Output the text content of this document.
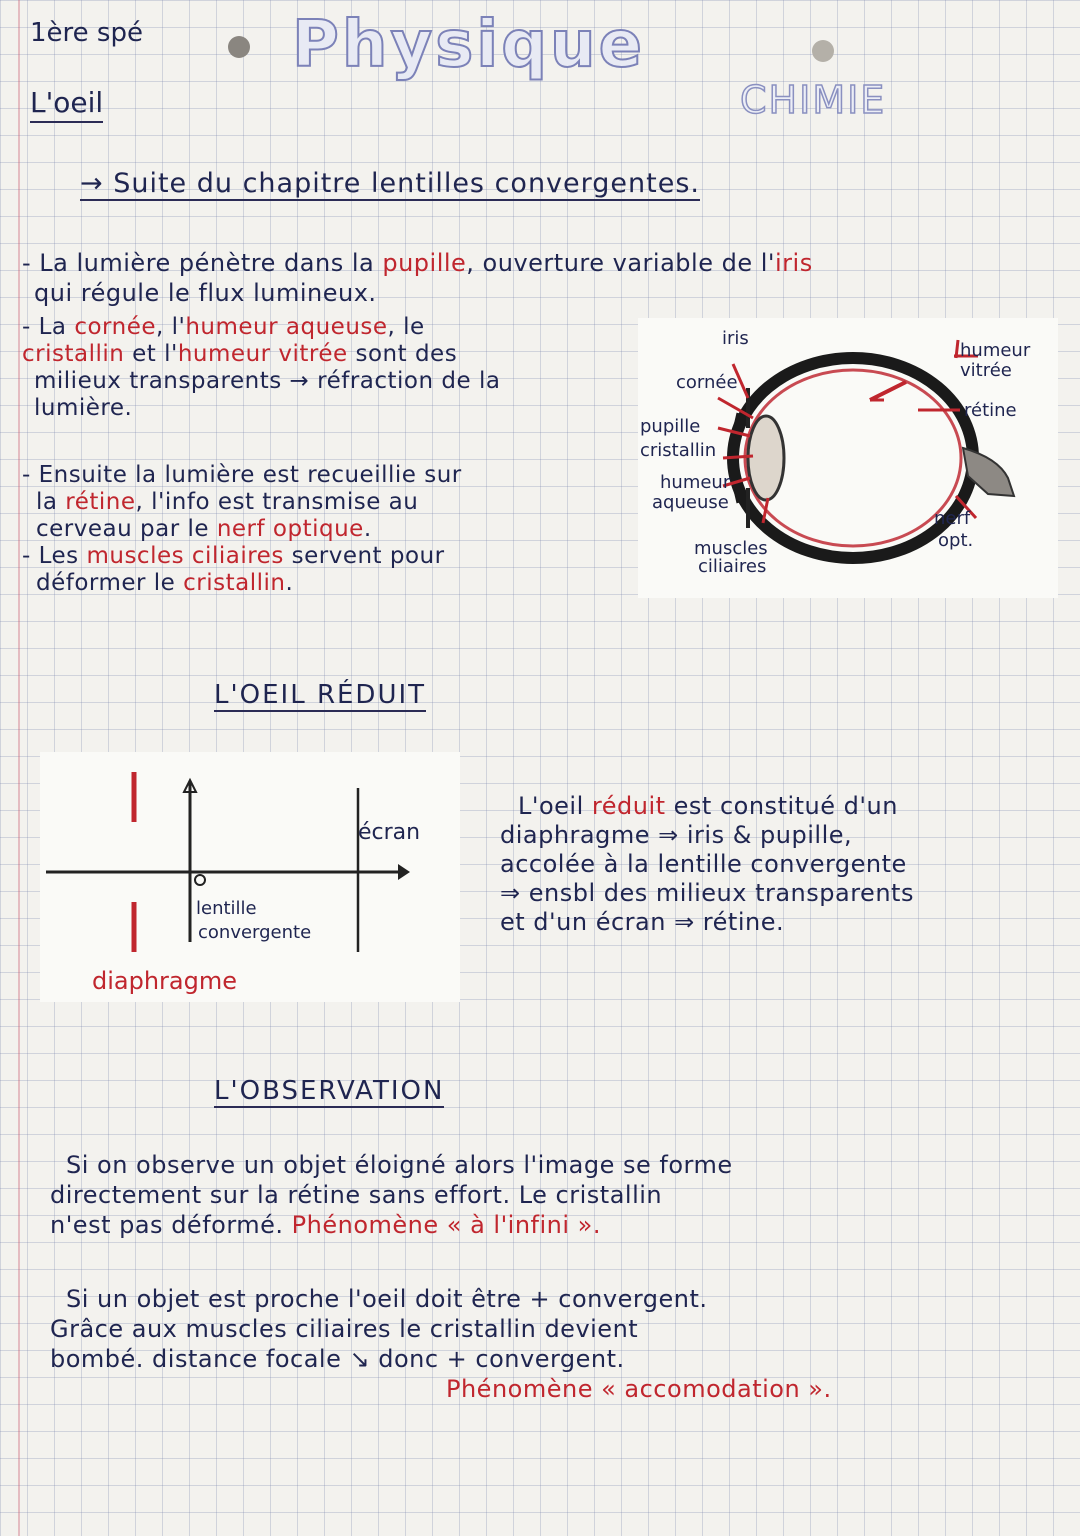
1ère spé
L'oeil
Physique
CHIMIE
→ Suite du chapitre lentilles convergentes.
- La lumière pénètre dans la pupille, ouverture variable de l'iris
qui régule le flux lumineux.

- La cornée, l'humeur aqueuse, le

cristallin et l'humeur vitrée sont des

milieux transparents → réfraction de la

lumière.

- Ensuite la lumière est recueillie sur

la rétine, l'info est transmise au

cerveau par le nerf optique.

- Les muscles ciliaires servent pour

déformer le cristallin.

iris
cornée
pupille
cristallin
humeur
aqueuse
muscles
ciliaires
humeur
vitrée
rétine
nerf
opt.
L'OEIL RÉDUIT
écran
lentille
convergente
diaphragme

L'oeil réduit est constitué d'un

diaphragme ⇒ iris & pupille,

accolée à la lentille convergente

⇒ ensbl des milieux transparents

et d'un écran ⇒ rétine.

L'OBSERVATION

Si on observe un objet éloigné alors l'image se forme

directement sur la rétine sans effort. Le cristallin

n'est pas déformé. Phénomène « à l'infini ».

Si un objet est proche l'oeil doit être + convergent.

Grâce aux muscles ciliaires le cristallin devient

bombé. distance focale ↘ donc + convergent.

Phénomène « accomodation ».
